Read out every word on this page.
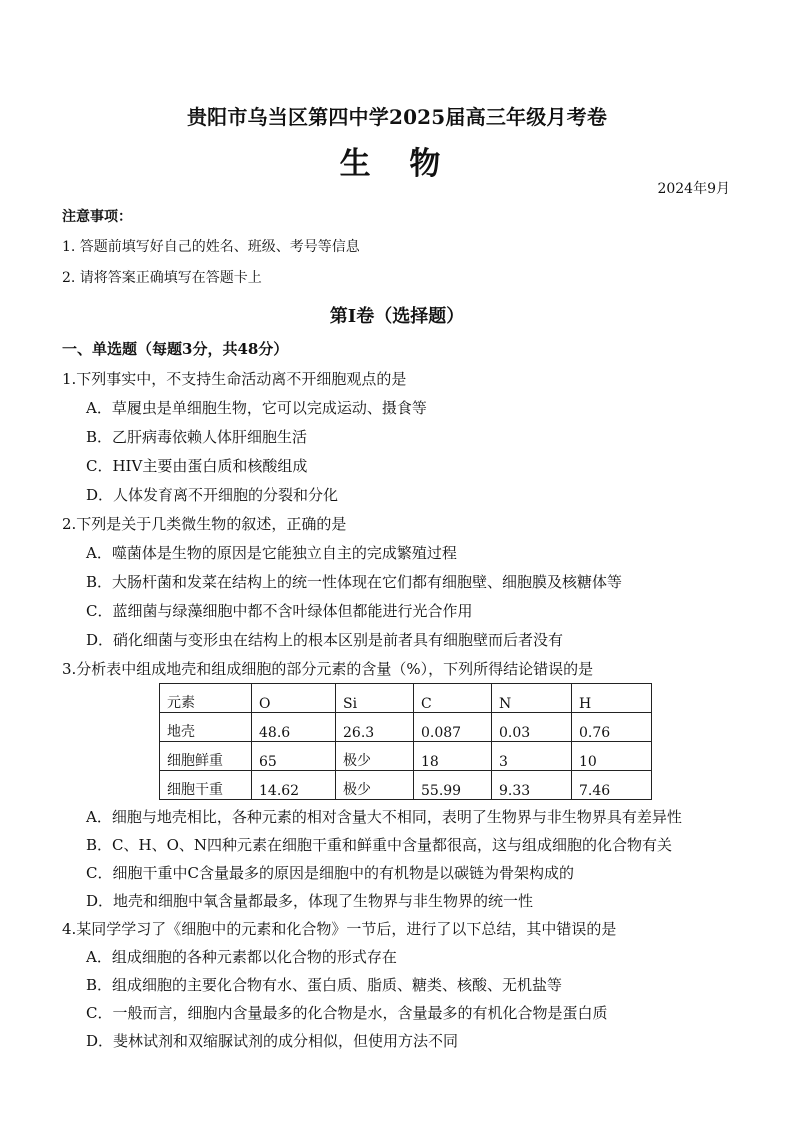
贵阳市乌当区第四中学2025届高三年级月考卷
生 物
2024年9月
注意事项：
1. 答题前填写好自己的姓名、班级、考号等信息
2. 请将答案正确填写在答题卡上
第I卷（选择题）
一、单选题（每题3分，共48分）
1.下列事实中，不支持生命活动离不开细胞观点的是
A．草履虫是单细胞生物，它可以完成运动、摄食等
B．乙肝病毒依赖人体肝细胞生活
C．HIV主要由蛋白质和核酸组成
D．人体发育离不开细胞的分裂和分化
2.下列是关于几类微生物的叙述，正确的是
A．噬菌体是生物的原因是它能独立自主的完成繁殖过程
B．大肠杆菌和发菜在结构上的统一性体现在它们都有细胞壁、细胞膜及核糖体等
C．蓝细菌与绿藻细胞中都不含叶绿体但都能进行光合作用
D．硝化细菌与变形虫在结构上的根本区别是前者具有细胞壁而后者没有
3.分析表中组成地壳和组成细胞的部分元素的含量（%），下列所得结论错误的是
元素	O	Si	C	N	H
地壳	48.6	26.3	0.087	0.03	0.76
细胞鲜重	65	极少	18	3	10
细胞干重	14.62	极少	55.99	9.33	7.46
A．细胞与地壳相比，各种元素的相对含量大不相同，表明了生物界与非生物界具有差异性
B．C、H、O、N四种元素在细胞干重和鲜重中含量都很高，这与组成细胞的化合物有关
C．细胞干重中C含量最多的原因是细胞中的有机物是以碳链为骨架构成的
D．地壳和细胞中氧含量都最多，体现了生物界与非生物界的统一性
4.某同学学习了《细胞中的元素和化合物》一节后，进行了以下总结，其中错误的是
A．组成细胞的各种元素都以化合物的形式存在
B．组成细胞的主要化合物有水、蛋白质、脂质、糖类、核酸、无机盐等
C．一般而言，细胞内含量最多的化合物是水，含量最多的有机化合物是蛋白质
D．斐林试剂和双缩脲试剂的成分相似，但使用方法不同
